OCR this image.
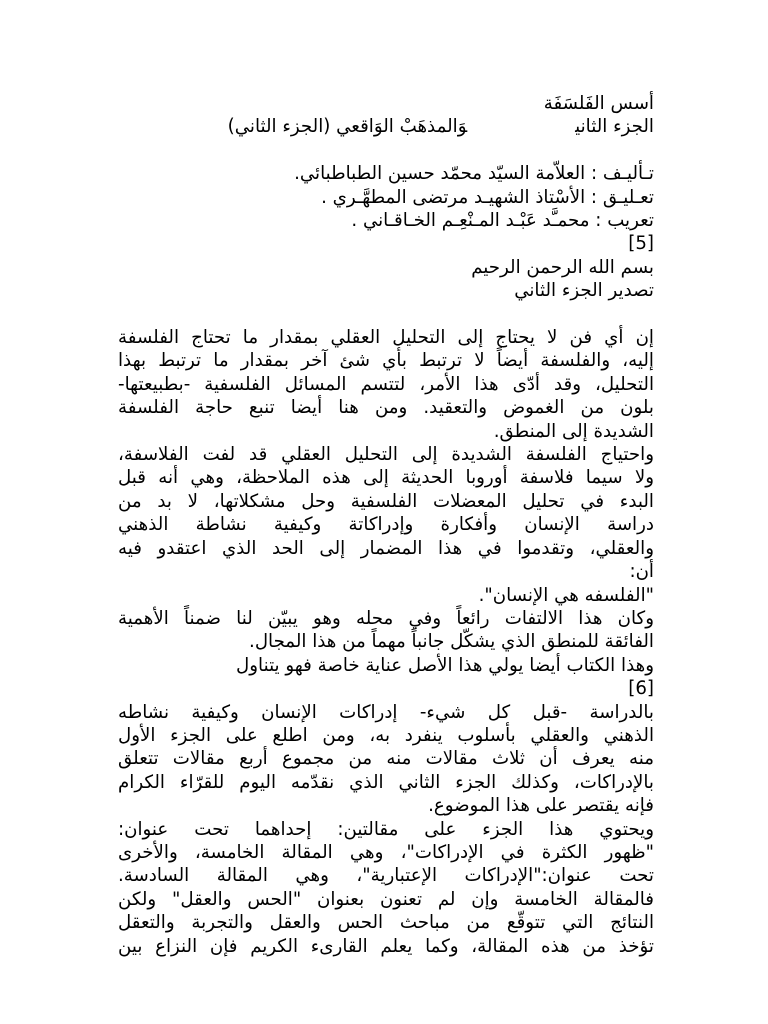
أسس الفَلسَفَة
الجزء الثانيوَالمذهَبْ الوَاقعي (الجزء الثاني)
تـأليـف : العلاّمة السيّد محمّد حسين الطباطبائي.
تعـليـق : الأسْتاذ الشهيـد مرتضى المطهَّـري .
تعريب : محمـَّد عَبْـد المـنْعِـم الخـاقـاني .
[5]
بسم الله الرحمن الرحيم
تصدير الجزء الثاني
إن أي فن لا يحتاج إلى التحليل العقلي بمقدار ما تحتاج الفلسفة
إليه، والفلسفة أيضاً لا ترتبط بأي شئ آخر بمقدار ما ترتبط بهذا
التحليل، وقد أدّى هذا الأمر، لتتسم المسائل الفلسفية -بطبيعتها-
بلون من الغموض والتعقيد. ومن هنا أيضا تنبع حاجة الفلسفة
الشديدة إلى المنطق.
واحتياج الفلسفة الشديدة إلى التحليل العقلي قد لفت الفلاسفة،
ولا سيما فلاسفة أوروبا الحديثة إلى هذه الملاحظة، وهي أنه قبل
البدء في تحليل المعضلات الفلسفية وحل مشكلاتها، لا بد من
دراسة الإنسان وأفكارة وإدراكاتة وكيفية نشاطة الذهني
والعقلي، وتقدموا في هذا المضمار إلى الحد الذي اعتقدو فيه
أن:
"الفلسفه هي الإنسان".
وكان هذا الالتفات رائعاً وفي محله وهو يبيّن لنا ضمناً الأهمية
الفائقة للمنطق الذي يشكّل جانباً مهماً من هذا المجال.
وهذا الكتاب أيضا يولي هذا الأصل عناية خاصة فهو يتناول
[6]
بالدراسة -قبل كل شيء- إدراكات الإنسان وكيفية نشاطه
الذهني والعقلي بأسلوب ينفرد به، ومن اطلع على الجزء الأول
منه يعرف أن ثلاث مقالات منه من مجموع أربع مقالات تتعلق
بالإدراكات، وكذلك الجزء الثاني الذي نقدّمه اليوم للقرّاء الكرام
فإنه يقتصر على هذا الموضوع.
ويحتوي هذا الجزء على مقالتين: إحداهما تحت عنوان:
"ظهور الكثرة في الإدراكات"، وهي المقالة الخامسة، والأخرى
تحت عنوان:"الإدراكات الإعتبارية"، وهي المقالة السادسة.
فالمقالة الخامسة وإن لم تعنون بعنوان "الحس والعقل" ولكن
النتائج التي تتوقّع من مباحث الحس والعقل والتجربة والتعقل
تؤخذ من هذه المقالة، وكما يعلم القارىء الكريم فإن النزاع بين
